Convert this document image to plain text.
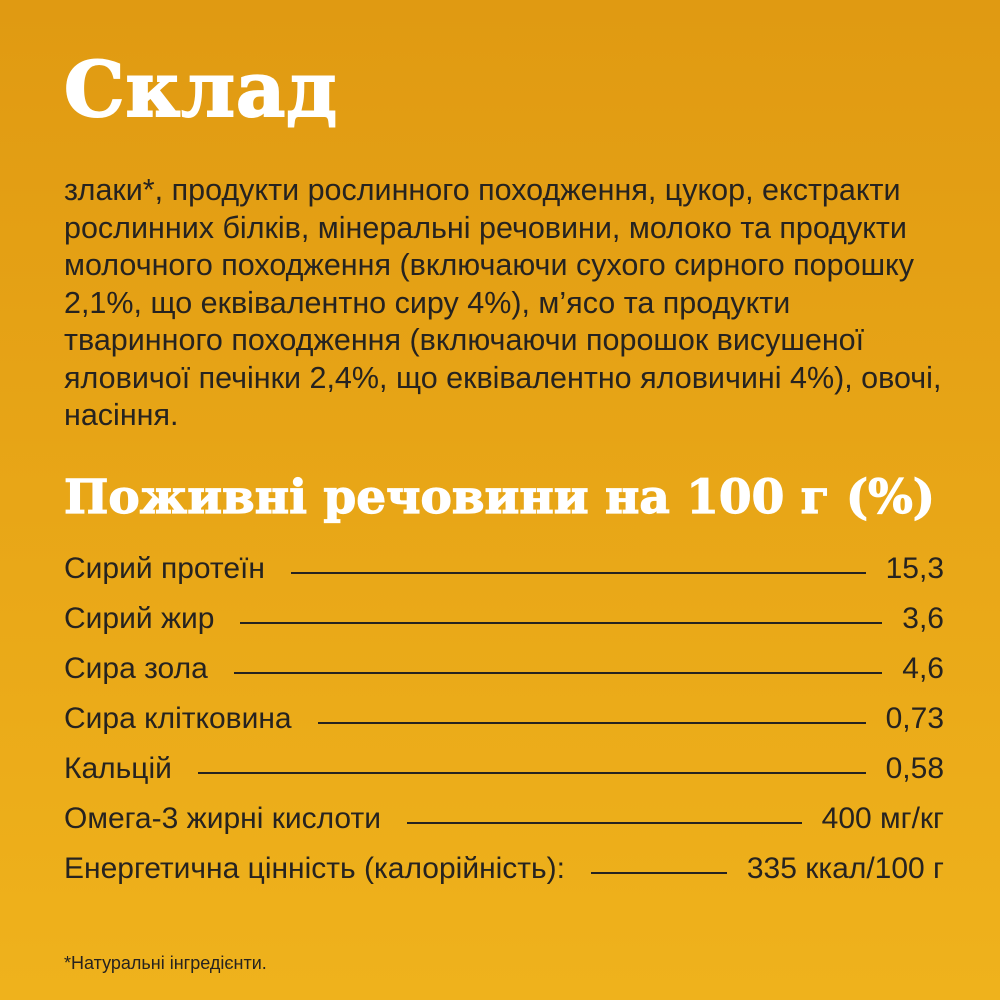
Склад

злаки*, продукти рослинного походження, цукор, екстракти рослинних білків, мінеральні речовини, молоко та продукти молочного походження (включаючи сухого сирного порошку 2,1%, що еквівалентно сиру 4%), м’ясо та продукти тваринного походження (включаючи порошок висушеної яловичої печінки 2,4%, що еквівалентно яловичині 4%), овочі, насіння.

Поживні речовини на 100 г (%)
Сирий протеїн	15,3
Сирий жир	3,6
Сира зола	4,6
Сира клітковина	0,73
Кальцій	0,58
Омега-3 жирні кислоти	400 мг/кг
Енергетична цінність (калорійність):	335 ккал/100 г

*Натуральні інгредієнти.
